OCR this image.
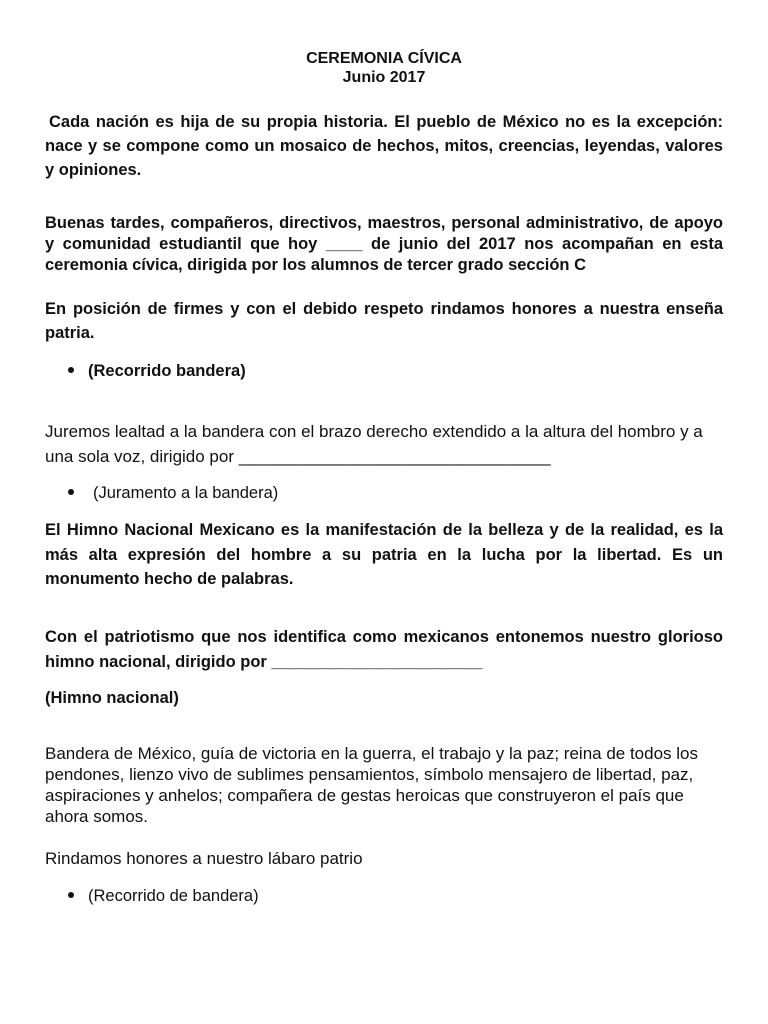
CEREMONIA CÍVICA

Junio 2017

Cada nación es hija de su propia historia. El pueblo de México no es la excepción: nace y se compone como un mosaico de hechos, mitos, creencias, leyendas, valores y opiniones.

Buenas tardes, compañeros, directivos, maestros, personal administrativo, de apoyo y comunidad estudiantil que hoy ____ de junio del 2017 nos acompañan en esta ceremonia cívica, dirigida por los alumnos de tercer grado sección C

En posición de firmes y con el debido respeto rindamos honores a nuestra enseña patria.

(Recorrido bandera)

Juremos lealtad a la bandera con el brazo derecho extendido a la altura del hombro y a una sola voz, dirigido por _________________________________

(Juramento a la bandera)

El Himno Nacional Mexicano es la manifestación de la belleza y de la realidad, es la más alta expresión del hombre a su patria en la lucha por la libertad. Es un monumento hecho de palabras.

Con el patriotismo que nos identifica como mexicanos entonemos nuestro glorioso himno nacional, dirigido por _______________________

(Himno nacional)

Bandera de México, guía de victoria en la guerra, el trabajo y la paz; reina de todos los pendones, lienzo vivo de sublimes pensamientos, símbolo mensajero de libertad, paz, aspiraciones y anhelos; compañera de gestas heroicas que construyeron el país que ahora somos.

Rindamos honores a nuestro lábaro patrio

(Recorrido de bandera)
